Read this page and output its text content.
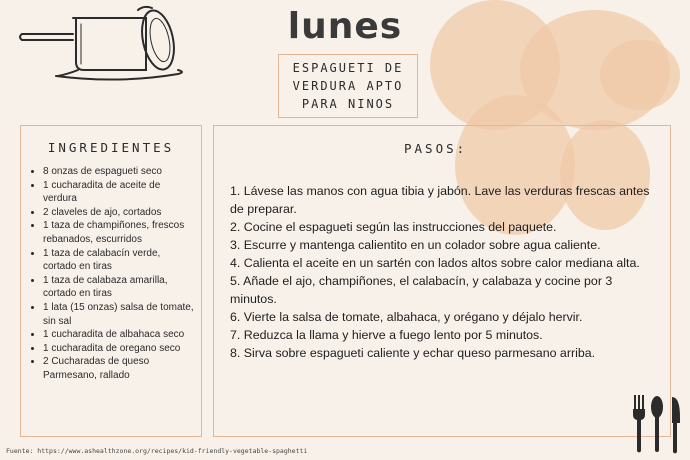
lunes
ESPAGUETI DE VERDURA APTO PARA NINOS
INGREDIENTES
• 8 onzas de espagueti seco
• 1 cucharadita de aceite de verdura
• 2 claveles de ajo, cortados
• 1 taza de champiñones, frescos rebanados, escurridos
• 1 taza de calabacín verde, cortado en tiras
• 1 taza de calabaza amarilla, cortado en tiras
• 1 lata (15 onzas) salsa de tomate, sin sal
• 1 cucharadita de albahaca seco
• 1 cucharadita de oregano seco
• 2 Cucharadas de queso Parmesano, rallado
PASOS:

1. Lávese las manos con agua tibia y jabón. Lave las verduras frescas antes de preparar.

2. Cocine el espagueti según las instrucciones del paquete.

3. Escurre y mantenga calientito en un colador sobre agua caliente.

4. Calienta el aceite en un sartén con lados altos sobre calor mediana alta.

5. Añade el ajo, champiñones, el calabacín, y calabaza y cocine por 3 minutos.

6. Vierte la salsa de tomate, albahaca, y orégano y déjalo hervir.

7. Reduzca la llama y hierve a fuego lento por 5 minutos.

8. Sirva sobre espagueti caliente y echar queso parmesano arriba.

Fuente: https://www.ashealthzone.org/recipes/kid-friendly-vegetable-spaghetti
